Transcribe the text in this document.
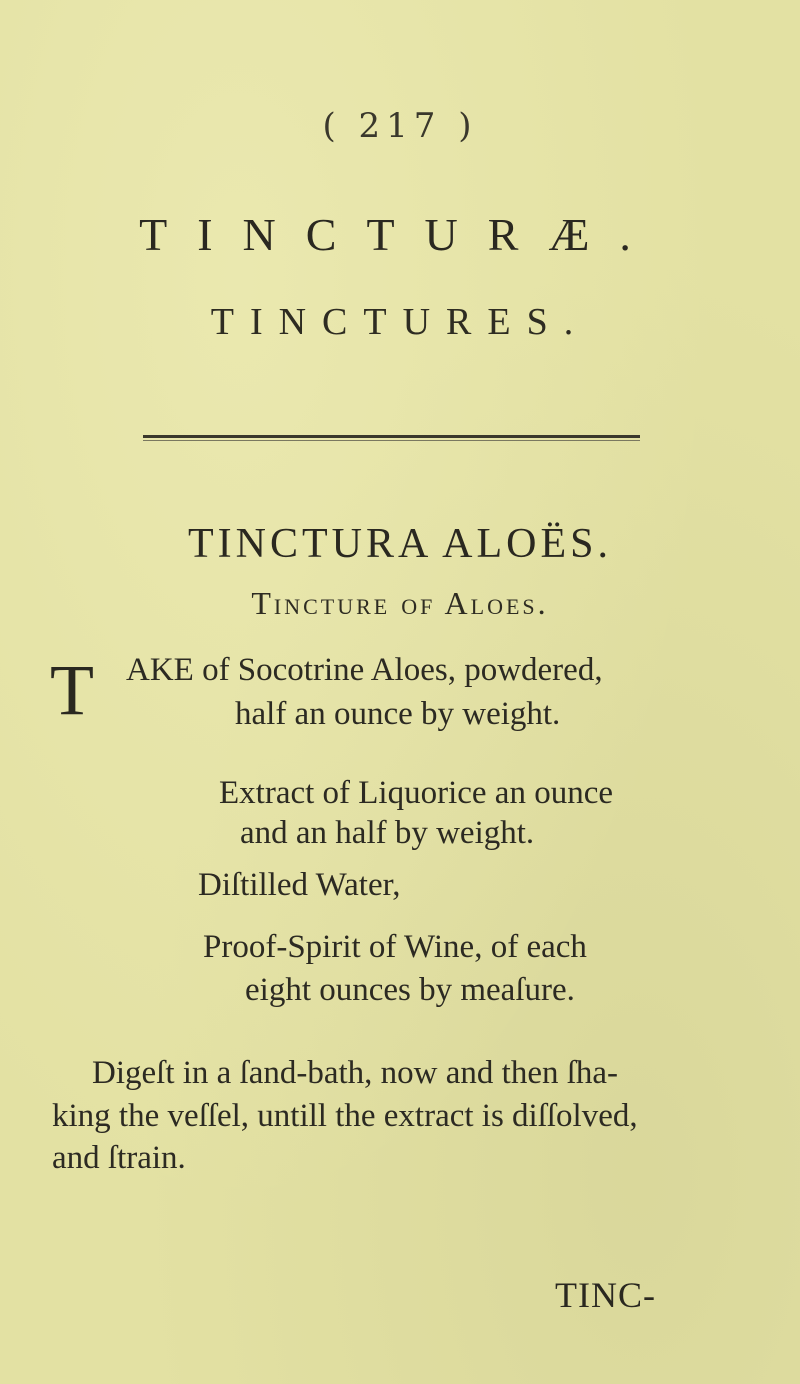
( 217 )
TINCTURÆ.
TINCTURES.
TINCTURA ALOËS.
Tincture of Aloes.
T AKE of Socotrine Aloes, powdered,
half an ounce by weight.
Extract of Liquorice an ounce
and an half by weight.
Diſtilled Water,
Proof-Spirit of Wine, of each
eight ounces by meaſure.
Digeſt in a ſand-bath, now and then ſha-
king the veſſel, untill the extract is diſſolved,
and ſtrain.
TINC-
